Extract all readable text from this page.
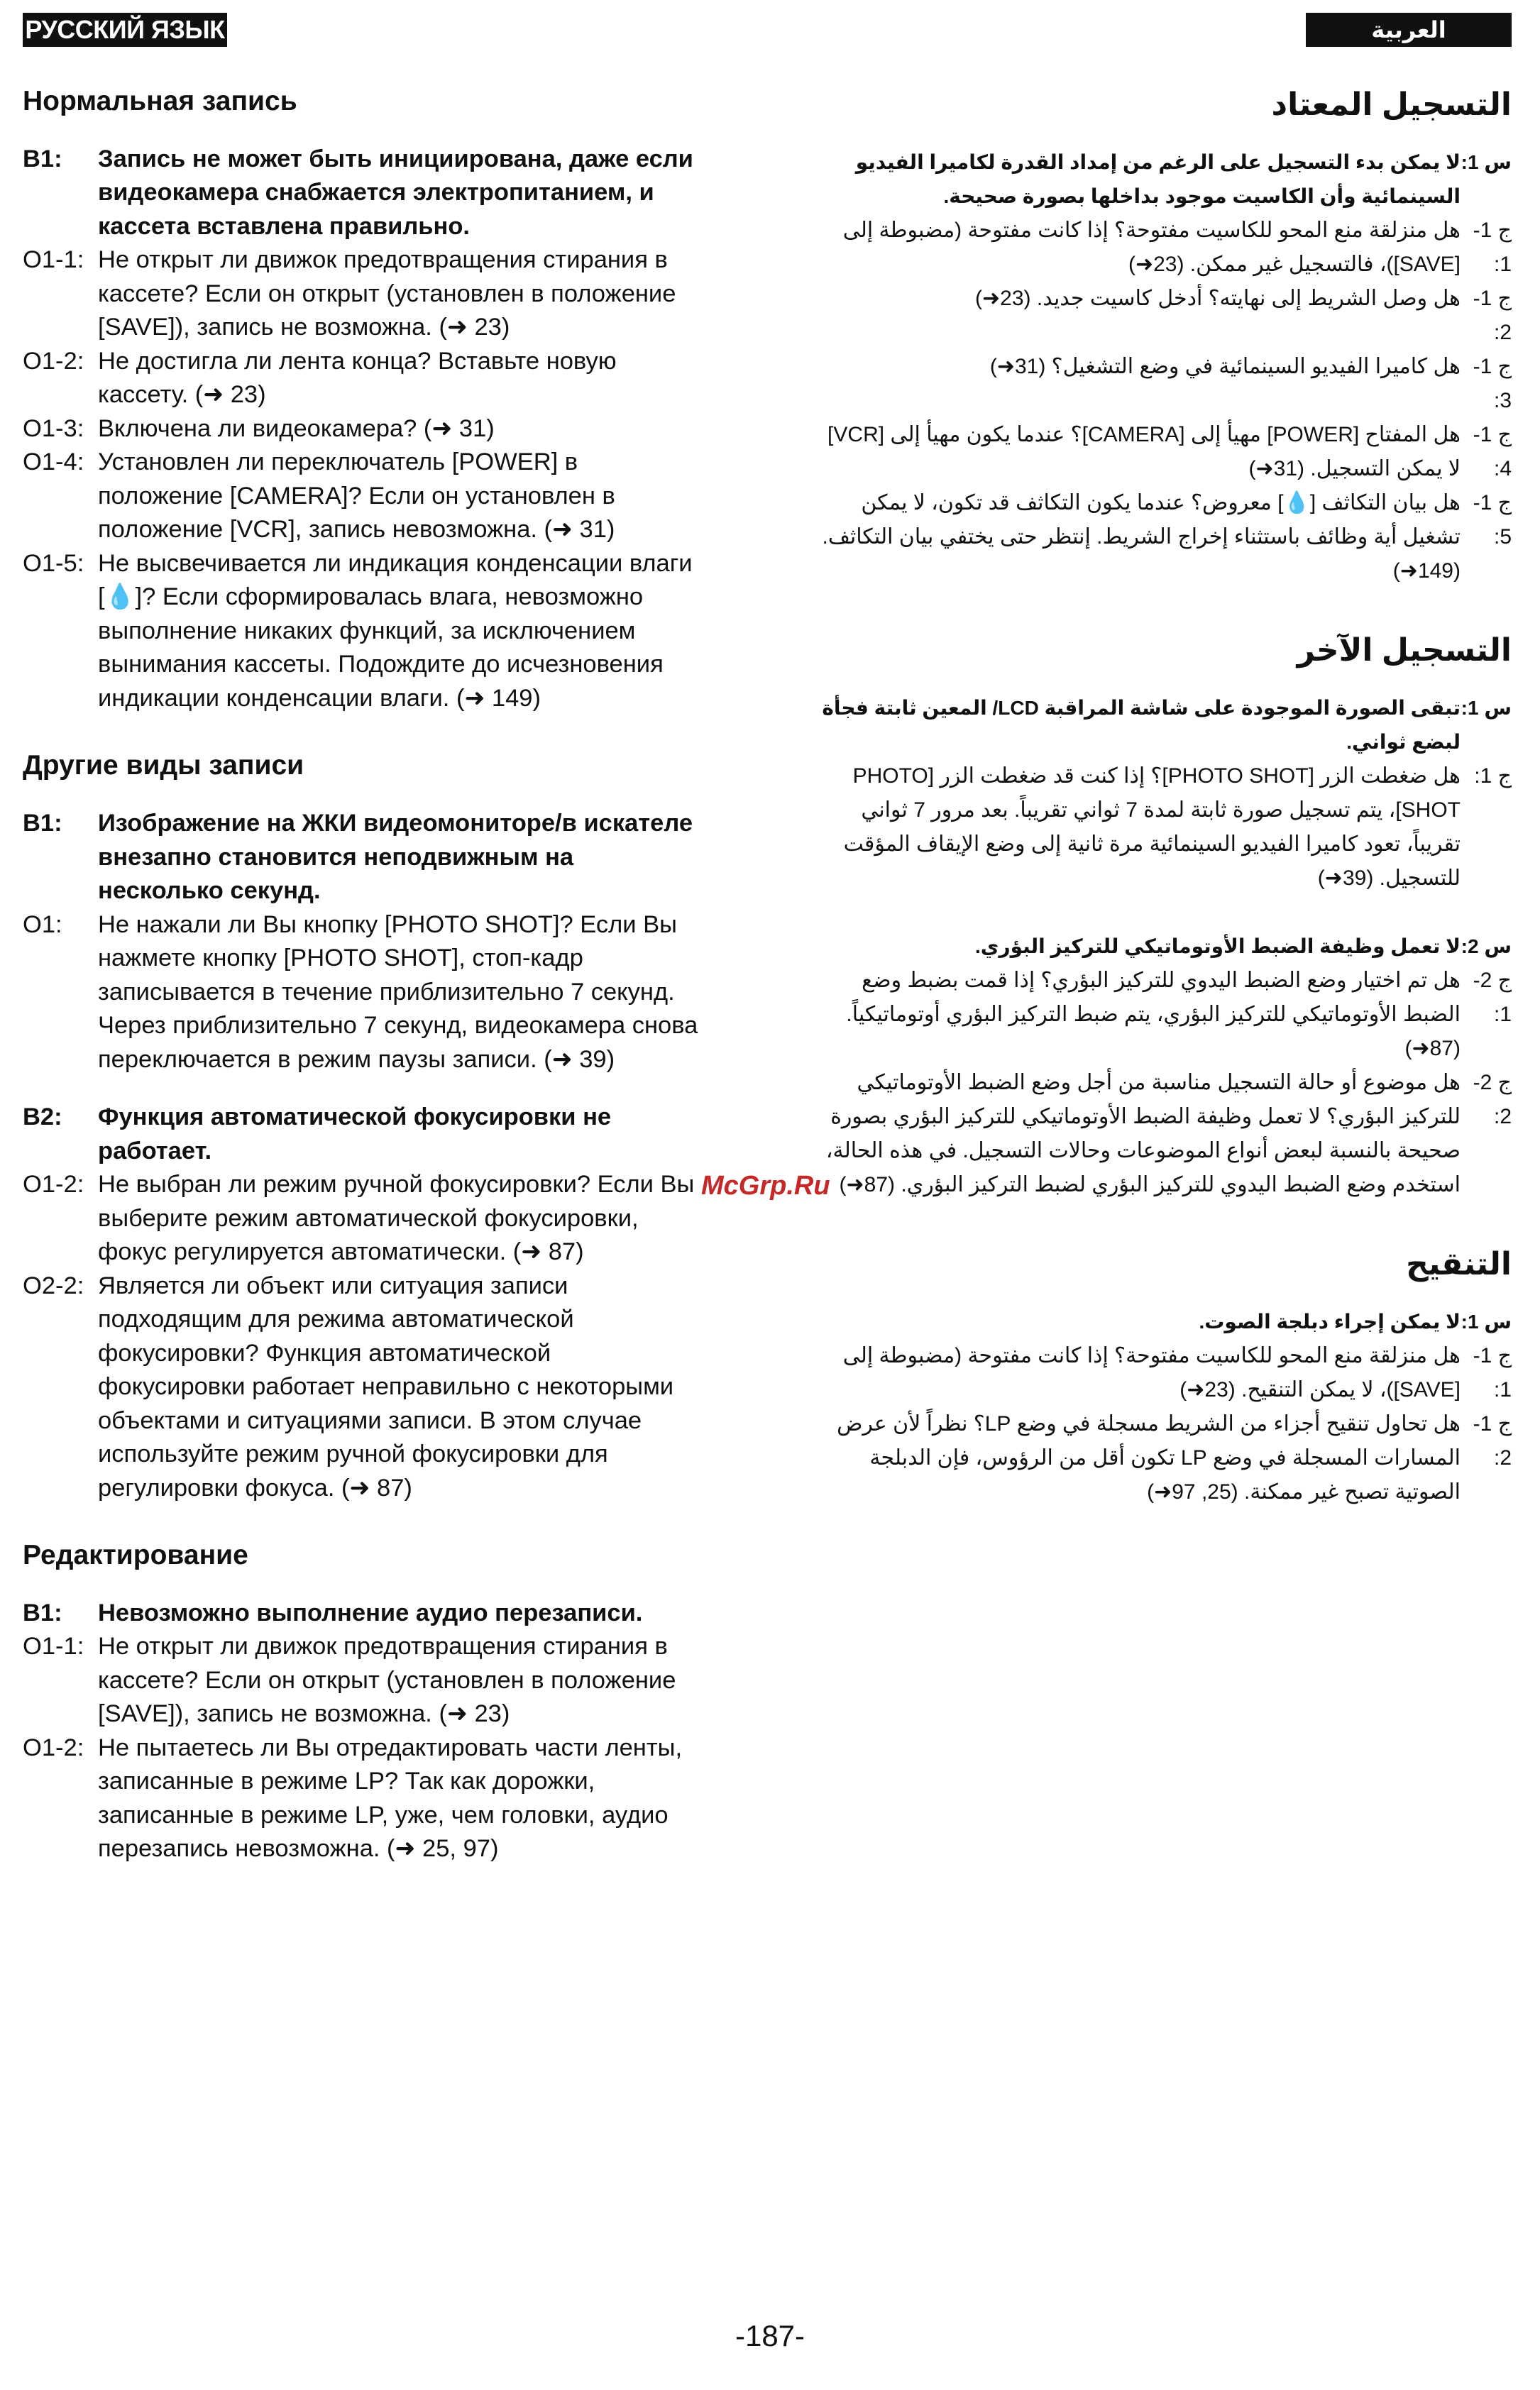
РУССКИЙ ЯЗЫК	العربية
Нормальная запись
B1:	Запись не может быть инициирована, даже если видеокамера снабжается электропитанием, и кассета вставлена правильно.
О1-1: Не открыт ли движок предотвращения стирания в кассете? Если он открыт (установлен в положение [SAVE]), запись не возможна. (➜ 23)
О1-2: Не достигла ли лента конца? Вставьте новую кассету. (➜ 23)
О1-3: Включена ли видеокамера? (➜ 31)
О1-4: Установлен ли переключатель [POWER] в положение [CAMERA]? Если он установлен в положение [VCR], запись невозможна. (➜ 31)
О1-5: Не высвечивается ли индикация конденсации влаги [💧]? Если сформировалась влага, невозможно выполнение никаких функций, за исключением вынимания кассеты. Подождите до исчезновения индикации конденсации влаги. (➜ 149)
Другие виды записи
B1:	Изображение на ЖКИ видеомониторе/в искателе внезапно становится неподвижным на несколько секунд.
О1:	Не нажали ли Вы кнопку [PHOTO SHOT]? Если Вы нажмете кнопку [PHOTO SHOT], стоп-кадр записывается в течение приблизительно 7 секунд. Через приблизительно 7 секунд, видеокамера снова переключается в режим паузы записи. (➜ 39)
B2:	Функция автоматической фокусировки не работает.
О1-2: Не выбран ли режим ручной фокусировки? Если Вы выберите режим автоматической фокусировки, фокус регулируется автоматически. (➜ 87)
О2-2: Является ли объект или ситуация записи подходящим для режима автоматической фокусировки? Функция автоматической фокусировки работает неправильно с некоторыми объектами и ситуациями записи. В этом случае используйте режим ручной фокусировки для регулировки фокуса. (➜ 87)
Редактирование
B1:	Невозможно выполнение аудио перезаписи.
О1-1: Не открыт ли движок предотвращения стирания в кассете? Если он открыт (установлен в положение [SAVE]), запись не возможна. (➜ 23)
О1-2: Не пытаетесь ли Вы отредактировать части ленты, записанные в режиме LP? Так как дорожки, записанные в режиме LP, уже, чем головки, аудио перезапись невозможна. (➜ 25, 97)
التسجيل المعتاد
س 1:
لا يمكن بدء التسجيل على الرغم من إمداد القدرة لكاميرا الفيديو السينمائية وأن الكاسيت موجود بداخلها بصورة صحيحة.
ج 1-1:
هل منزلقة منع المحو للكاسيت مفتوحة؟ إذا كانت مفتوحة (مضبوطة إلى [SAVE])، فالتسجيل غير ممكن. (23➜)
ج 1-2:
هل وصل الشريط إلى نهايته؟ أدخل كاسيت جديد. (23➜)
ج 1-3:
هل كاميرا الفيديو السينمائية في وضع التشغيل؟ (31➜)
ج 1-4:
هل المفتاح [POWER] مهيأ إلى [CAMERA]؟ عندما يكون مهيأ إلى [VCR] لا يمكن التسجيل. (31➜)
ج 1-5:
هل بيان التكاثف [💧] معروض؟ عندما يكون التكاثف قد تكون، لا يمكن تشغيل أية وظائف باستثناء إخراج الشريط. إنتظر حتى يختفي بيان التكاثف. (149➜)
التسجيل الآخر
س 1:
تبقى الصورة الموجودة على شاشة المراقبة LCD/ المعين ثابتة فجأة لبضع ثواني.
ج 1:
هل ضغطت الزر [PHOTO SHOT]؟ إذا كنت قد ضغطت الزر [PHOTO SHOT]، يتم تسجيل صورة ثابتة لمدة 7 ثواني تقريباً. بعد مرور 7 ثواني تقريباً، تعود كاميرا الفيديو السينمائية مرة ثانية إلى وضع الإيقاف المؤقت للتسجيل. (39➜)
س 2:
لا تعمل وظيفة الضبط الأوتوماتيكي للتركيز البؤري.
ج 2-1:
هل تم اختيار وضع الضبط اليدوي للتركيز البؤري؟ إذا قمت بضبط وضع الضبط الأوتوماتيكي للتركيز البؤري، يتم ضبط التركيز البؤري أوتوماتيكياً. (87➜)
ج 2-2:
هل موضوع أو حالة التسجيل مناسبة من أجل وضع الضبط الأوتوماتيكي للتركيز البؤري؟ لا تعمل وظيفة الضبط الأوتوماتيكي للتركيز البؤري بصورة صحيحة بالنسبة لبعض أنواع الموضوعات وحالات التسجيل. في هذه الحالة، استخدم وضع الضبط اليدوي للتركيز البؤري لضبط التركيز البؤري. (87➜)
التنقيح
س 1:
لا يمكن إجراء دبلجة الصوت.
ج 1-1:
هل منزلقة منع المحو للكاسيت مفتوحة؟ إذا كانت مفتوحة (مضبوطة إلى [SAVE])، لا يمكن التنقيح. (23➜)
ج 1-2:
هل تحاول تنقيح أجزاء من الشريط مسجلة في وضع LP؟ نظراً لأن عرض المسارات المسجلة في وضع LP تكون أقل من الرؤوس، فإن الدبلجة الصوتية تصبح غير ممكنة. (25, 97➜)
McGrp.Ru
-187-
